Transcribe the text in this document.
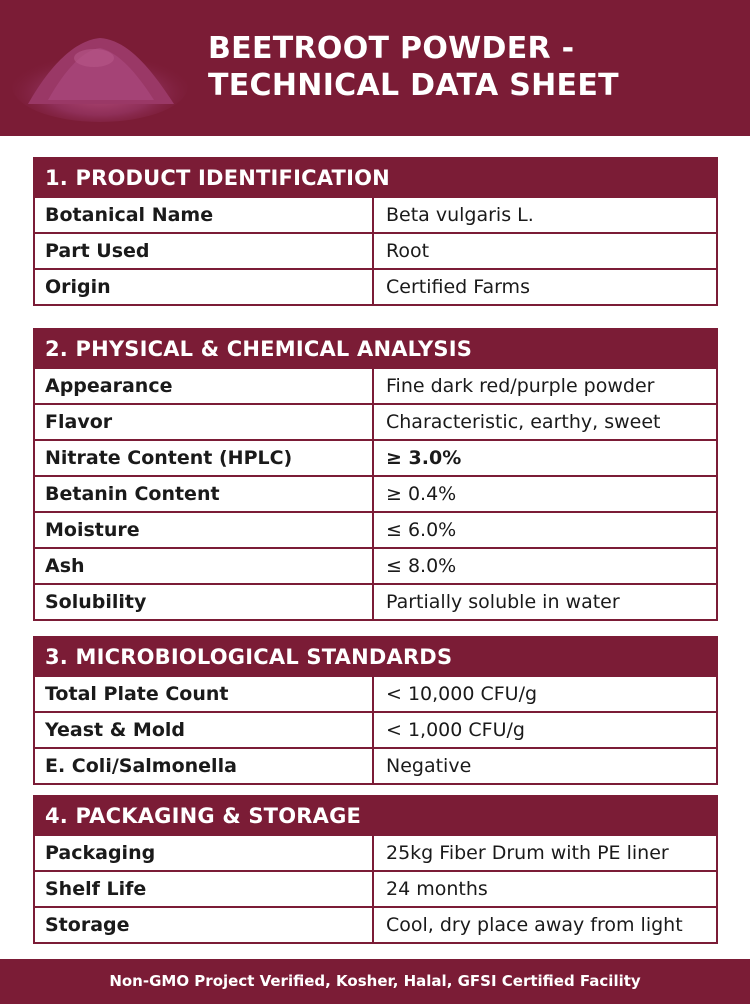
BEETROOT POWDER -
TECHNICAL DATA SHEET
1. PRODUCT IDENTIFICATION
Botanical Name	Beta vulgaris L.
Part Used	Root
Origin	Certified Farms
2. PHYSICAL & CHEMICAL ANALYSIS
Appearance	Fine dark red/purple powder
Flavor	Characteristic, earthy, sweet
Nitrate Content (HPLC)	≥ 3.0%
Betanin Content	≥ 0.4%
Moisture	≤ 6.0%
Ash	≤ 8.0%
Solubility	Partially soluble in water
3. MICROBIOLOGICAL STANDARDS
Total Plate Count	< 10,000 CFU/g
Yeast & Mold	< 1,000 CFU/g
E. Coli/Salmonella	Negative
4. PACKAGING & STORAGE
Packaging	25kg Fiber Drum with PE liner
Shelf Life	24 months
Storage	Cool, dry place away from light
Non-GMO Project Verified, Kosher, Halal, GFSI Certified Facility
